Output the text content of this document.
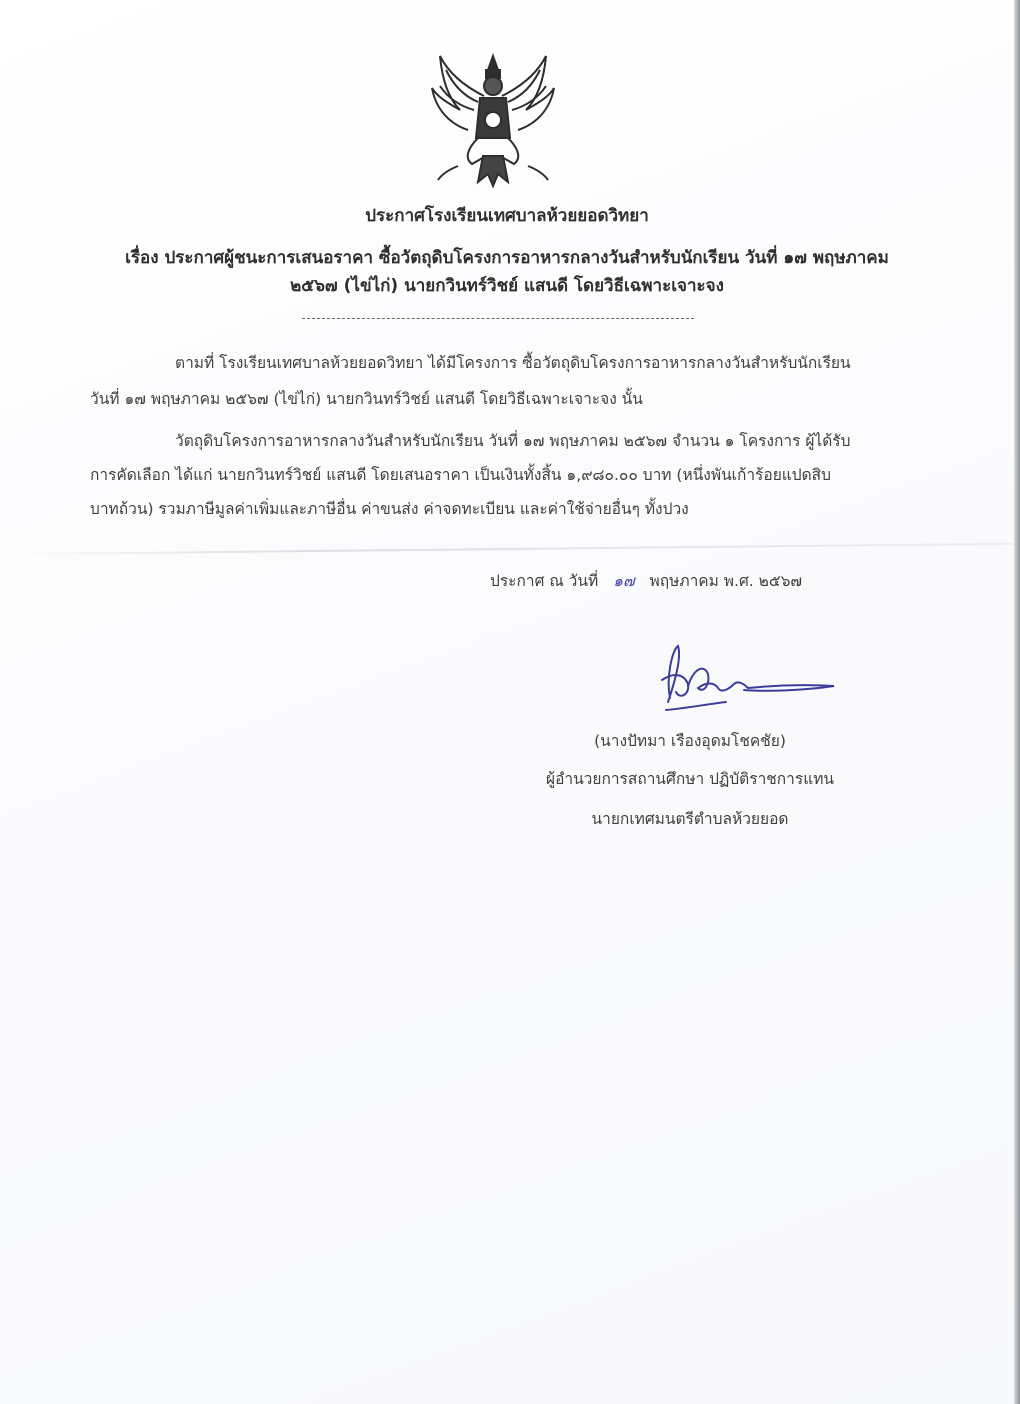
ประกาศโรงเรียนเทศบาลห้วยยอดวิทยา
เรื่อง ประกาศผู้ชนะการเสนอราคา ซื้อวัตถุดิบโครงการอาหารกลางวันสำหรับนักเรียน วันที่ ๑๗ พฤษภาคม
๒๕๖๗ (ไข่ไก่) นายกวินทร์วิชย์ แสนดี โดยวิธีเฉพาะเจาะจง
ตามที่ โรงเรียนเทศบาลห้วยยอดวิทยา ได้มีโครงการ ซื้อวัตถุดิบโครงการอาหารกลางวันสำหรับนักเรียน
วันที่ ๑๗ พฤษภาคม ๒๕๖๗ (ไข่ไก่) นายกวินทร์วิชย์ แสนดี โดยวิธีเฉพาะเจาะจง นั้น
วัตถุดิบโครงการอาหารกลางวันสำหรับนักเรียน วันที่ ๑๗ พฤษภาคม ๒๕๖๗ จำนวน ๑ โครงการ ผู้ได้รับ
การคัดเลือก ได้แก่ นายกวินทร์วิชย์ แสนดี โดยเสนอราคา เป็นเงินทั้งสิ้น ๑,๙๘๐.๐๐ บาท (หนึ่งพันเก้าร้อยแปดสิบ
บาทถ้วน) รวมภาษีมูลค่าเพิ่มและภาษีอื่น ค่าขนส่ง ค่าจดทะเบียน และค่าใช้จ่ายอื่นๆ ทั้งปวง
ประกาศ ณ วันที่ ๑๗ พฤษภาคม พ.ศ. ๒๕๖๗
(นางปัทมา เรืองอุดมโชคชัย)
ผู้อำนวยการสถานศึกษา ปฏิบัติราชการแทน
นายกเทศมนตรีตำบลห้วยยอด
